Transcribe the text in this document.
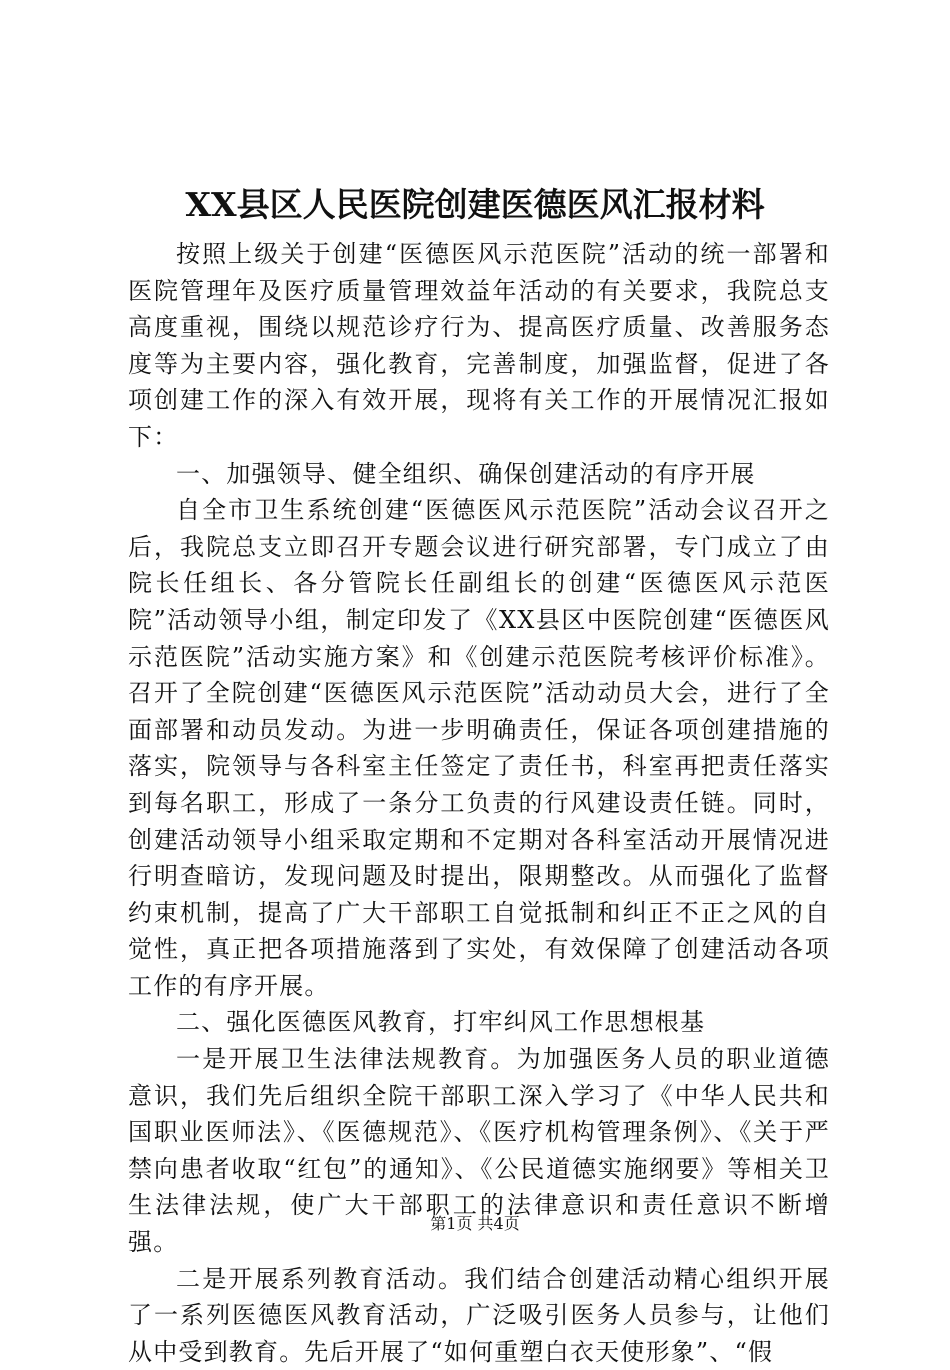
XX县区人民医院创建医德医风汇报材料

按照上级关于创建“医德医风示范医院”活动的统一部署和医院管理年及医疗质量管理效益年活动的有关要求，我院总支高度重视，围绕以规范诊疗行为、提高医疗质量、改善服务态度等为主要内容，强化教育，完善制度，加强监督，促进了各项创建工作的深入有效开展，现将有关工作的开展情况汇报如下：

一、加强领导、健全组织、确保创建活动的有序开展

自全市卫生系统创建“医德医风示范医院”活动会议召开之后，我院总支立即召开专题会议进行研究部署，专门成立了由院长任组长、各分管院长任副组长的创建“医德医风示范医院”活动领导小组，制定印发了《XX县区中医院创建“医德医风示范医院”活动实施方案》和《创建示范医院考核评价标准》。召开了全院创建“医德医风示范医院”活动动员大会，进行了全面部署和动员发动。为进一步明确责任，保证各项创建措施的落实，院领导与各科室主任签定了责任书，科室再把责任落实到每名职工，形成了一条分工负责的行风建设责任链。同时，创建活动领导小组采取定期和不定期对各科室活动开展情况进行明查暗访，发现问题及时提出，限期整改。从而强化了监督约束机制，提高了广大干部职工自觉抵制和纠正不正之风的自觉性，真正把各项措施落到了实处，有效保障了创建活动各项工作的有序开展。

二、强化医德医风教育，打牢纠风工作思想根基

一是开展卫生法律法规教育。为加强医务人员的职业道德意识，我们先后组织全院干部职工深入学习了《中华人民共和国职业医师法》、《医德规范》、《医疗机构管理条例》、《关于严禁向患者收取“红包”的通知》、《公民道德实施纲要》等相关卫生法律法规，使广大干部职工的法律意识和责任意识不断增强。

二是开展系列教育活动。我们结合创建活动精心组织开展了一系列医德医风教育活动，广泛吸引医务人员参与，让他们从中受到教育。先后开展了“如何重塑白衣天使形象”、“假

第1页 共4页
